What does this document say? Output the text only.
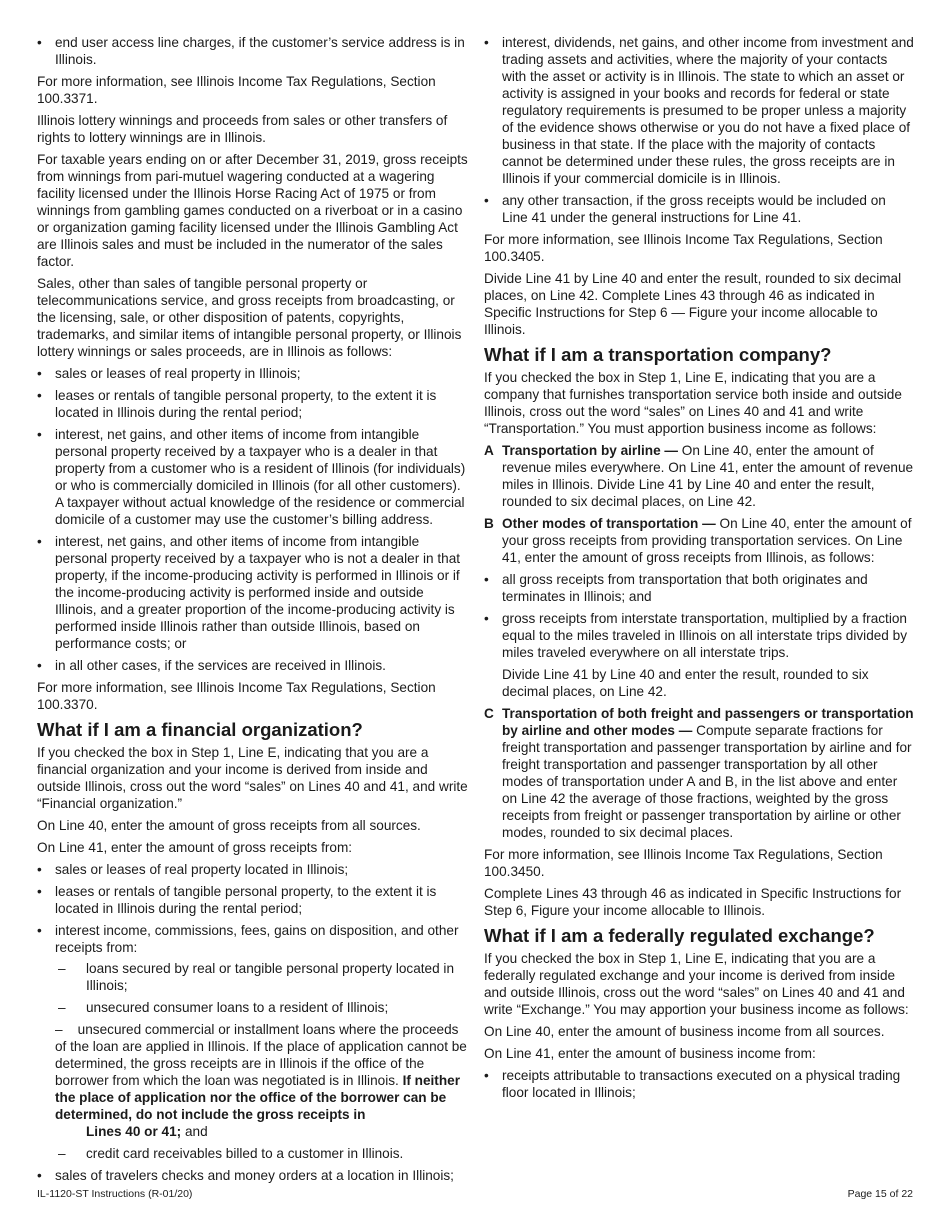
• end user access line charges, if the customer’s service address is in Illinois.

For more information, see Illinois Income Tax Regulations, Section 100.3371.

Illinois lottery winnings and proceeds from sales or other transfers of rights to lottery winnings are in Illinois.

For taxable years ending on or after December 31, 2019, gross receipts from winnings from pari-mutuel wagering conducted at a wagering facility licensed under the Illinois Horse Racing Act of 1975 or from winnings from gambling games conducted on a riverboat or in a casino or organization gaming facility licensed under the Illinois Gambling Act are Illinois sales and must be included in the numerator of the sales factor.

Sales, other than sales of tangible personal property or telecommunications service, and gross receipts from broadcasting, or the licensing, sale, or other disposition of patents, copyrights, trademarks, and similar items of intangible personal property, or Illinois lottery winnings or sales proceeds, are in Illinois as follows:

• sales or leases of real property in Illinois;
• leases or rentals of tangible personal property, to the extent it is located in Illinois during the rental period;
• interest, net gains, and other items of income from intangible personal property received by a taxpayer who is a dealer in that property from a customer who is a resident of Illinois (for individuals) or who is commercially domiciled in Illinois (for all other customers). A taxpayer without actual knowledge of the residence or commercial domicile of a customer may use the customer’s billing address.
• interest, net gains, and other items of income from intangible personal property received by a taxpayer who is not a dealer in that property, if the income-producing activity is performed in Illinois or if the income-producing activity is performed inside and outside Illinois, and a greater proportion of the income-producing activity is performed inside Illinois rather than outside Illinois, based on performance costs; or
• in all other cases, if the services are received in Illinois.

For more information, see Illinois Income Tax Regulations, Section 100.3370.

What if I am a financial organization?

If you checked the box in Step 1, Line E, indicating that you are a financial organization and your income is derived from inside and outside Illinois, cross out the word “sales” on Lines 40 and 41, and write “Financial organization.”

On Line 40, enter the amount of gross receipts from all sources.

On Line 41, enter the amount of gross receipts from:

• sales or leases of real property located in Illinois;
• leases or rentals of tangible personal property, to the extent it is located in Illinois during the rental period;
• interest income, commissions, fees, gains on disposition, and other receipts from:
– loans secured by real or tangible personal property located in Illinois;
– unsecured consumer loans to a resident of Illinois;
–    unsecured commercial or installment loans where the proceeds of the loan are applied in Illinois. If the place of application cannot be determined, the gross receipts are in Illinois if the office of the borrower from which the loan was negotiated is in Illinois. If neither the place of application nor the office of the borrower can be determined, do not include the gross receipts in
Lines 40 or 41; and
– credit card receivables billed to a customer in Illinois.
• sales of travelers checks and money orders at a location in Illinois;
• interest, dividends, net gains, and other income from investment and trading assets and activities, where the majority of your contacts with the asset or activity is in Illinois. The state to which an asset or activity is assigned in your books and records for federal or state regulatory requirements is presumed to be proper unless a majority of the evidence shows otherwise or you do not have a fixed place of business in that state. If the place with the majority of contacts cannot be determined under these rules, the gross receipts are in Illinois if your commercial domicile is in Illinois.
• any other transaction, if the gross receipts would be included on Line 41 under the general instructions for Line 41.

For more information, see Illinois Income Tax Regulations, Section 100.3405.

Divide Line 41 by Line 40 and enter the result, rounded to six decimal places, on Line 42. Complete Lines 43 through 46 as indicated in Specific Instructions for Step 6 — Figure your income allocable to Illinois.

What if I am a transportation company?

If you checked the box in Step 1, Line E, indicating that you are a company that furnishes transportation service both inside and outside Illinois, cross out the word “sales” on Lines 40 and 41 and write “Transportation.” You must apportion business income as follows:

A Transportation by airline — On Line 40, enter the amount of revenue miles everywhere. On Line 41, enter the amount of revenue miles in Illinois. Divide Line 41 by Line 40 and enter the result, rounded to six decimal places, on Line 42.
B Other modes of transportation — On Line 40, enter the amount of your gross receipts from providing transportation services. On Line 41, enter the amount of gross receipts from Illinois, as follows:
• all gross receipts from transportation that both originates and terminates in Illinois; and
• gross receipts from interstate transportation, multiplied by a fraction equal to the miles traveled in Illinois on all interstate trips divided by miles traveled everywhere on all interstate trips.

Divide Line 41 by Line 40 and enter the result, rounded to six decimal places, on Line 42.

C Transportation of both freight and passengers or transportation by airline and other modes — Compute separate fractions for freight transportation and passenger transportation by airline and for freight transportation and passenger transportation by all other modes of transportation under A and B, in the list above and enter on Line 42 the average of those fractions, weighted by the gross receipts from freight or passenger transportation by airline or other modes, rounded to six decimal places.

For more information, see Illinois Income Tax Regulations, Section 100.3450.

Complete Lines 43 through 46 as indicated in Specific Instructions for Step 6, Figure your income allocable to Illinois.

What if I am a federally regulated exchange?

If you checked the box in Step 1, Line E, indicating that you are a federally regulated exchange and your income is derived from inside and outside Illinois, cross out the word “sales” on Lines 40 and 41 and write “Exchange.” You may apportion your business income as follows:

On Line 40, enter the amount of business income from all sources.

On Line 41, enter the amount of business income from:

• receipts attributable to transactions executed on a physical trading floor located in Illinois;
IL-1120-ST Instructions (R-01/20)	Page 15 of 22
